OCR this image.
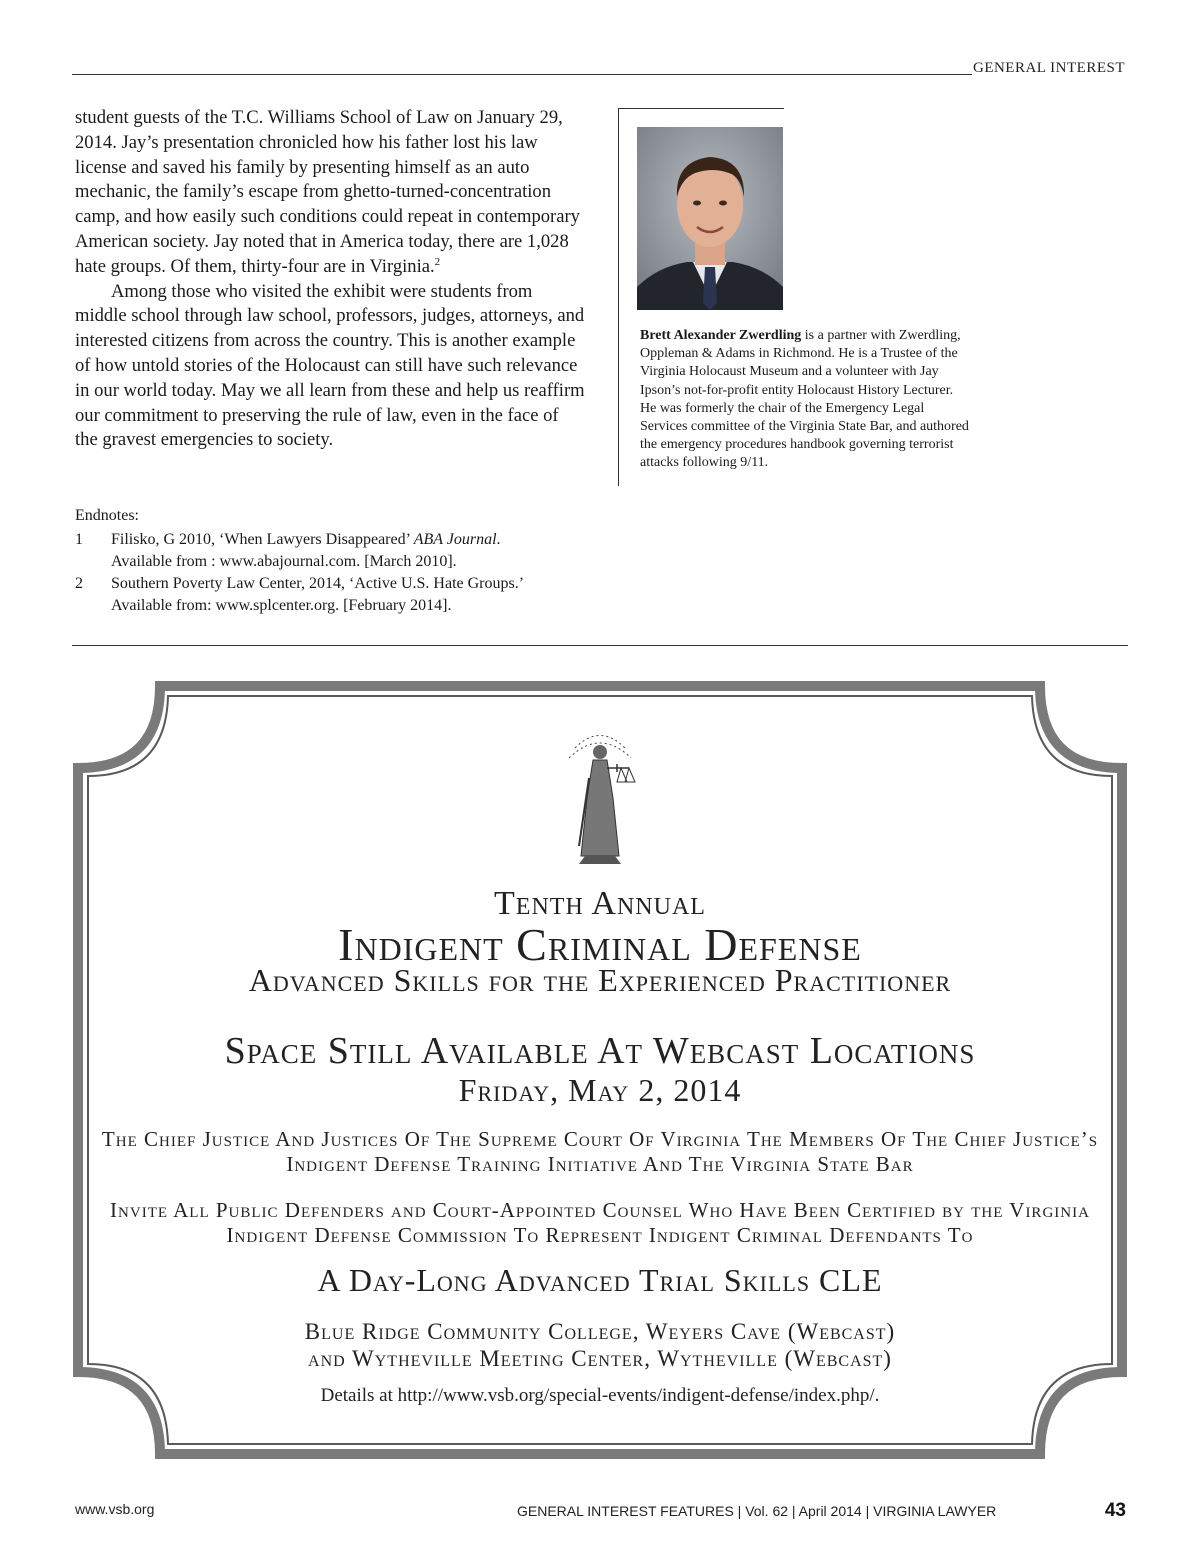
GENERAL INTEREST

student guests of the T.C. Williams School of Law on January 29, 2014. Jay’s presentation chronicled how his father lost his law license and saved his family by presenting himself as an auto mechanic, the family’s escape from ghetto-turned-concentration camp, and how easily such conditions could repeat in contemporary American society. Jay noted that in America today, there are 1,028 hate groups. Of them, thirty-four are in Virginia.$^2$

Among those who visited the exhibit were students from middle school through law school, professors, judges, attorneys, and interested citizens from across the country. This is another example of how untold stories of the Holocaust can still have such relevance in our world today. May we all learn from these and help us reaffirm our commitment to preserving the rule of law, even in the face of the gravest emergencies to society.

Endnotes:
1	Filisko, G 2010, ‘When Lawyers Disappeared’ ABA Journal.
Available from : www.abajournal.com. [March 2010].
2	Southern Poverty Law Center, 2014, ‘Active U.S. Hate Groups.’
Available from: www.splcenter.org. [February 2014].
Brett Alexander Zwerdling is a partner with Zwerdling, Oppleman & Adams in Richmond. He is a Trustee of the Virginia Holocaust Museum and a volunteer with Jay Ipson’s not-for-profit entity Holocaust History Lecturer. He was formerly the chair of the Emergency Legal Services committee of the Virginia State Bar, and authored the emergency procedures handbook governing terrorist attacks following 9/11.
Tenth Annual
Indigent Criminal Defense
Advanced Skills for the Experienced Practitioner
Space Still Available At Webcast Locations
Friday, May 2, 2014
The Chief Justice And Justices Of The Supreme Court Of Virginia The Members Of The Chief Justice’s Indigent Defense Training Initiative And The Virginia State Bar
Invite All Public Defenders and Court-Appointed Counsel Who Have Been Certified by the Virginia Indigent Defense Commission To Represent Indigent Criminal Defendants To
A Day-Long Advanced Trial Skills CLE
Blue Ridge Community College, Weyers Cave (Webcast)
and Wytheville Meeting Center, Wytheville (Webcast)
Details at http://www.vsb.org/special-events/indigent-defense/index.php/.
www.vsb.org	GENERAL INTEREST FEATURES | Vol. 62 | April 2014 | VIRGINIA LAWYER	43
